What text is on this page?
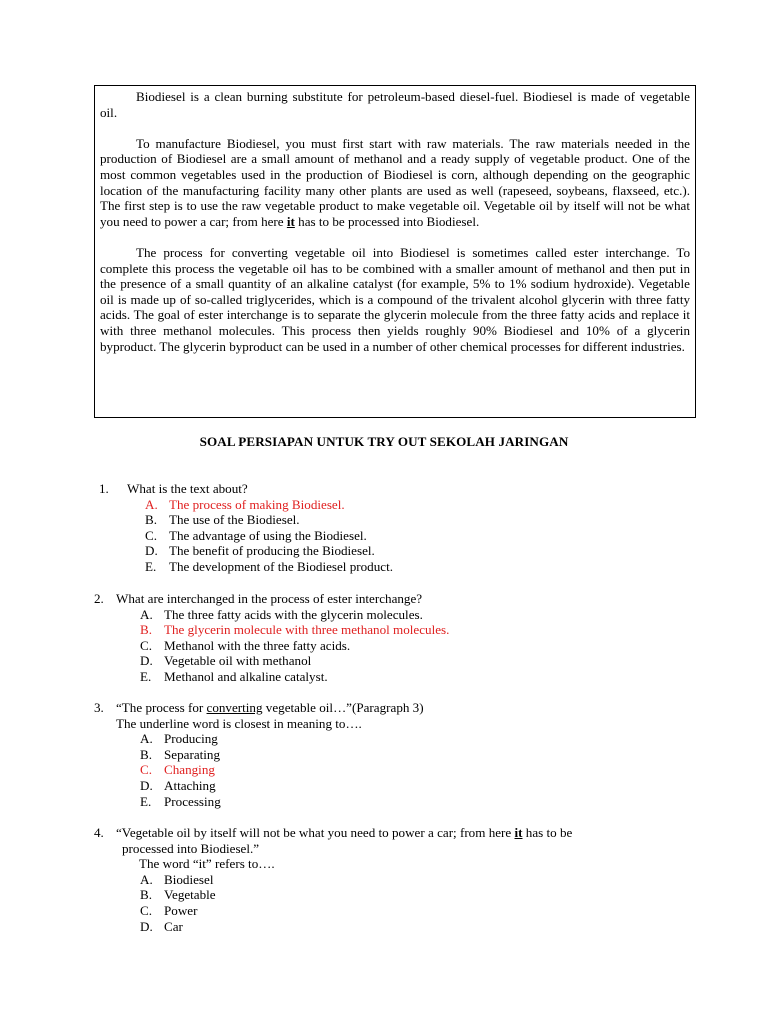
Biodiesel is a clean burning substitute for petroleum-based diesel-fuel. Biodiesel is made of vegetable oil.

To manufacture Biodiesel, you must first start with raw materials. The raw materials needed in the production of Biodiesel are a small amount of methanol and a ready supply of vegetable product. One of the most common vegetables used in the production of Biodiesel is corn, although depending on the geographic location of the manufacturing facility many other plants are used as well (rapeseed, soybeans, flaxseed, etc.). The first step is to use the raw vegetable product to make vegetable oil. Vegetable oil by itself will not be what you need to power a car; from here it has to be processed into Biodiesel.

The process for converting vegetable oil into Biodiesel is sometimes called ester interchange. To complete this process the vegetable oil has to be combined with a smaller amount of methanol and then put in the presence of a small quantity of an alkaline catalyst (for example, 5% to 1% sodium hydroxide). Vegetable oil is made up of so-called triglycerides, which is a compound of the trivalent alcohol glycerin with three fatty acids. The goal of ester interchange is to separate the glycerin molecule from the three fatty acids and replace it with three methanol molecules. This process then yields roughly 90% Biodiesel and 10% of a glycerin byproduct. The glycerin byproduct can be used in a number of other chemical processes for different industries.

SOAL PERSIAPAN UNTUK TRY OUT SEKOLAH JARINGAN
1.	What is the text about?
A. The process of making Biodiesel.
B. The use of the Biodiesel.
C. The advantage of using the Biodiesel.
D. The benefit of producing the Biodiesel.
E. The development of the Biodiesel product.
2. What are interchanged in the process of ester interchange?
A. The three fatty acids with the glycerin molecules.
B. The glycerin molecule with three methanol molecules.
C. Methanol with the three fatty acids.
D. Vegetable oil with methanol
E. Methanol and alkaline catalyst.
3. “The process for converting vegetable oil…”(Paragraph 3)
The underline word is closest in meaning to….
A. Producing
B. Separating
C. Changing
D. Attaching
E. Processing
4. “Vegetable oil by itself will not be what you need to power a car; from here it has to be
processed into Biodiesel.”
The word “it” refers to….
A. Biodiesel
B. Vegetable
C. Power
D. Car
